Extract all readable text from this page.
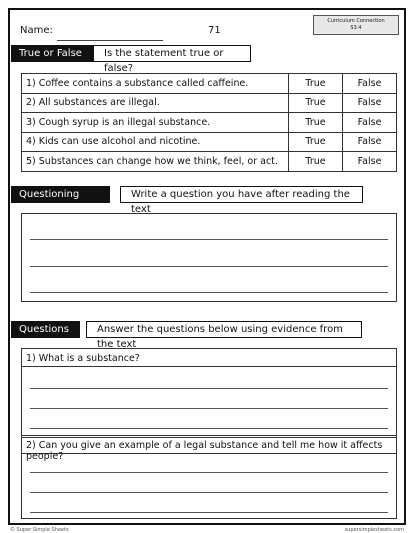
Name:	71
Curriculum Connection
S3.4
True or False	Is the statement true or false?
1) Coffee contains a substance called caffeine.	True	False
2) All substances are illegal.	True	False
3) Cough syrup is an illegal substance.	True	False
4) Kids can use alcohol and nicotine.	True	False
5) Substances can change how we think, feel, or act.	True	False
Questioning	Write a question you have after reading the text
Questions	Answer the questions below using evidence from the text
1) What is a substance?
2) Can you give an example of a legal substance and tell me how it affects people?
© Super Simple Sheets	supersimplesheets.com
